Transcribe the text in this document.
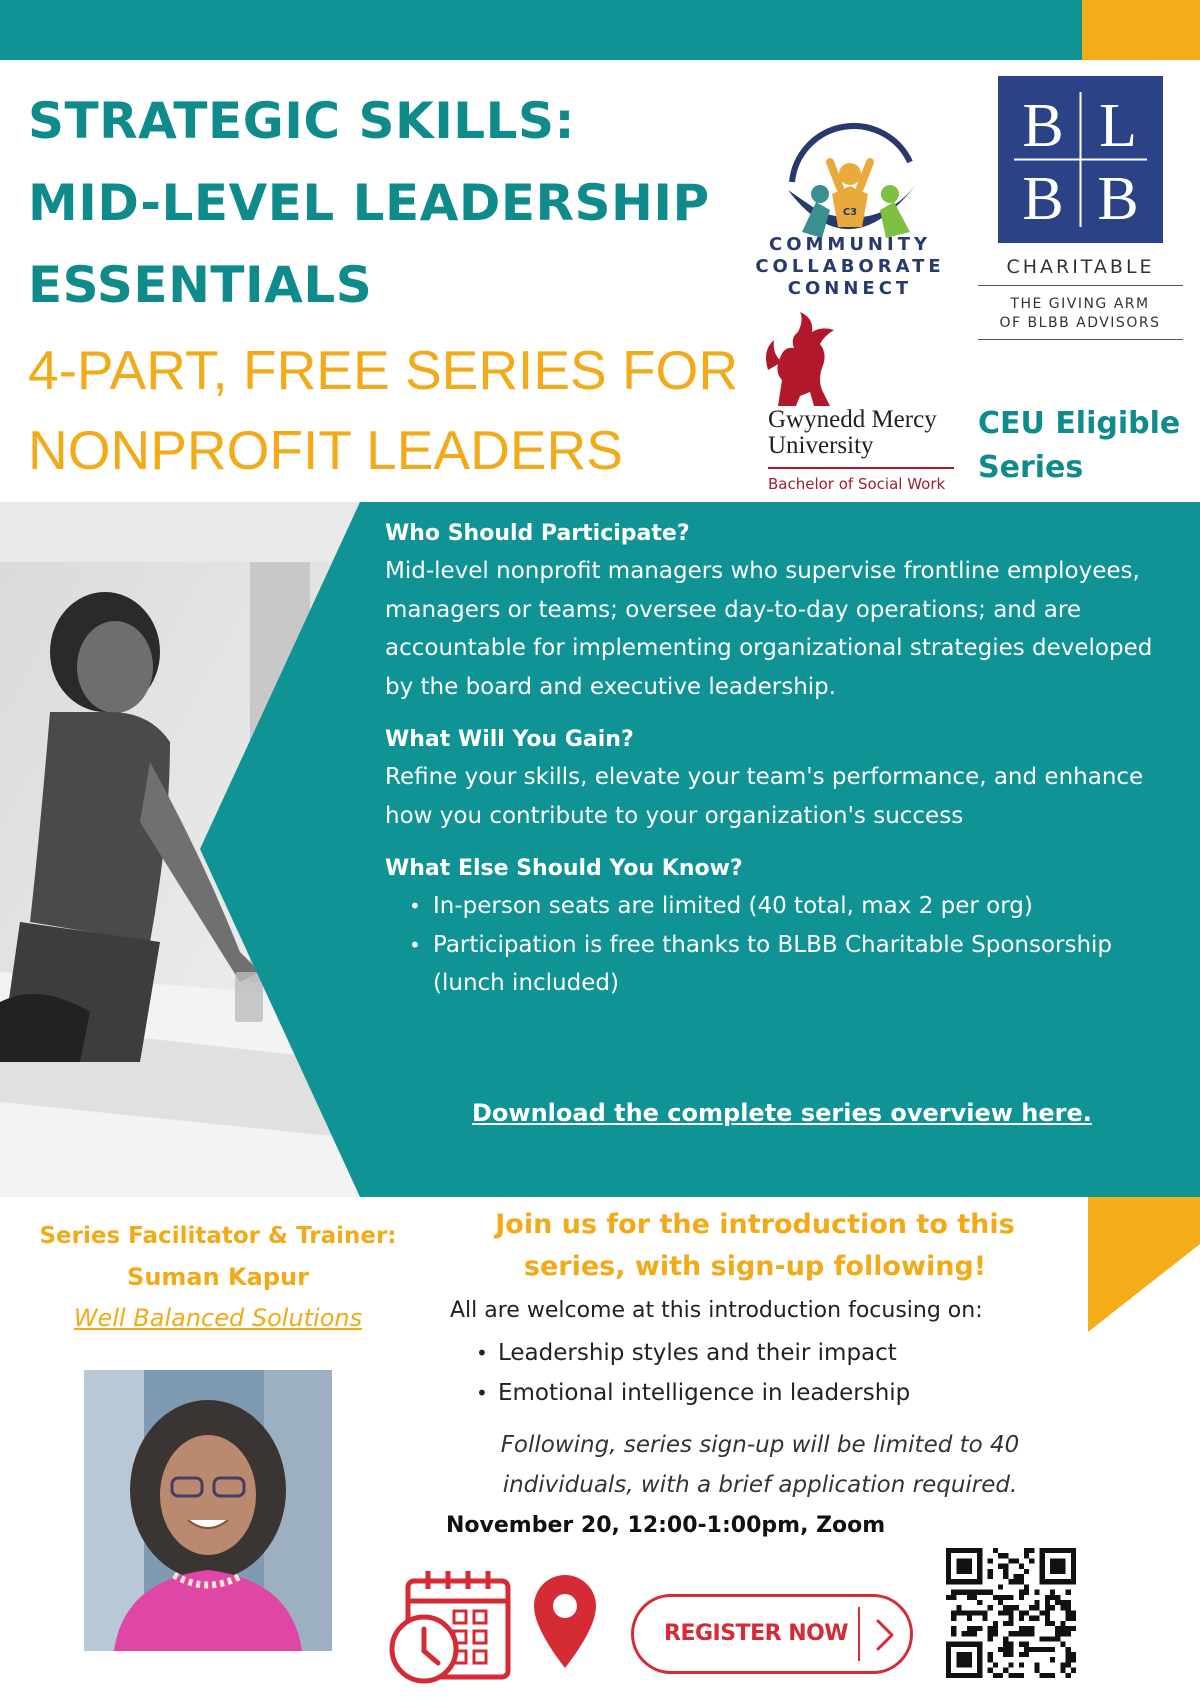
STRATEGIC SKILLS:
MID-LEVEL LEADERSHIP
ESSENTIALS
4-PART, FREE SERIES FOR
NONPROFIT LEADERS
C3
COMMUNITY
COLLABORATE
CONNECT
B L
B B
CHARITABLE
THE GIVING ARM
OF BLBB ADVISORS
Gwynedd Mercy
University
Bachelor of Social Work
CEU Eligible
Series
Who Should Participate?

Mid-level nonprofit managers who supervise frontline employees, managers or teams; oversee day-to-day operations; and are accountable for implementing organizational strategies developed by the board and executive leadership.

What Will You Gain?

Refine your skills, elevate your team's performance, and enhance how you contribute to your organization's success

What Else Should You Know?
• In-person seats are limited (40 total, max 2 per org)
• Participation is free thanks to BLBB Charitable Sponsorship (lunch included)
Download the complete series overview here.
Series Facilitator & Trainer:
Suman Kapur
Well Balanced Solutions
Join us for the introduction to this
series, with sign-up following!
All are welcome at this introduction focusing on:
• Leadership styles and their impact
• Emotional intelligence in leadership
Following, series sign-up will be limited to 40
individuals, with a brief application required.
November 20, 12:00-1:00pm, Zoom
REGISTER NOW
